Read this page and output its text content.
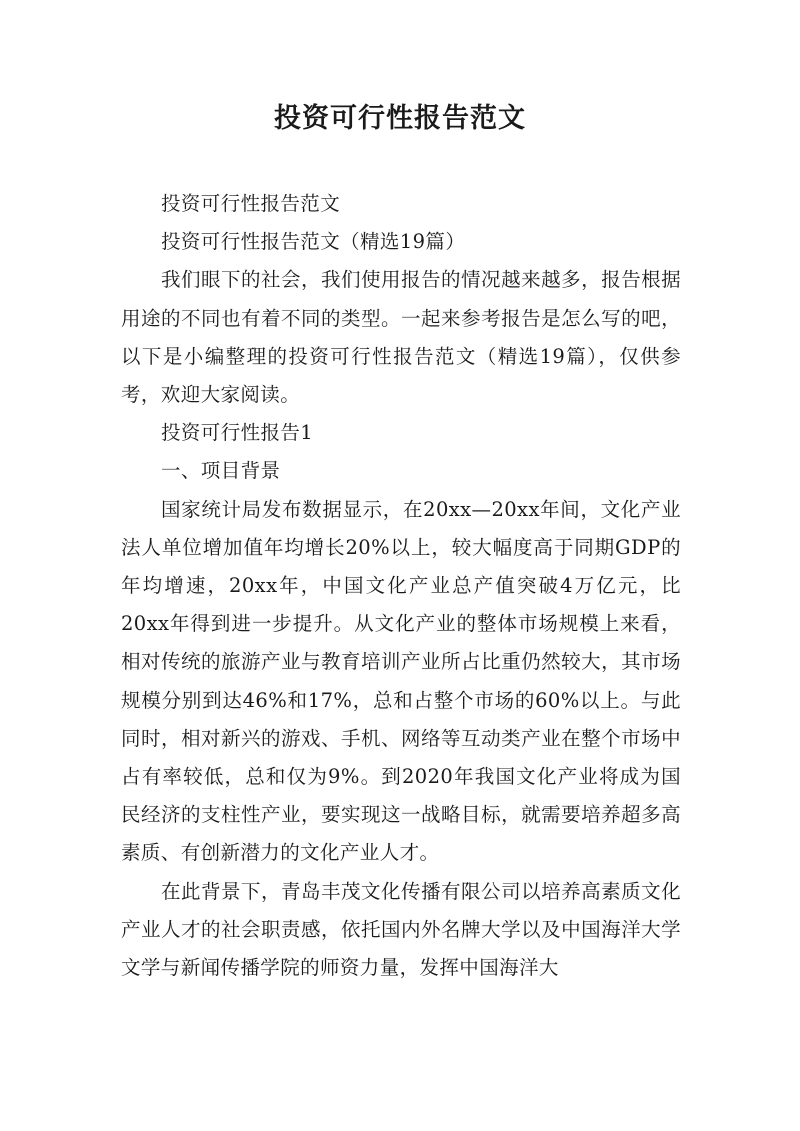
投资可行性报告范文

投资可行性报告范文

投资可行性报告范文（精选19篇）

我们眼下的社会，我们使用报告的情况越来越多，报告根据用途的不同也有着不同的类型。一起来参考报告是怎么写的吧，以下是小编整理的投资可行性报告范文（精选19篇），仅供参考，欢迎大家阅读。

投资可行性报告1

一、项目背景

国家统计局发布数据显示，在20xx—20xx年间，文化产业法人单位增加值年均增长20%以上，较大幅度高于同期GDP的年均增速，20xx年，中国文化产业总产值突破4万亿元，比20xx年得到进一步提升。从文化产业的整体市场规模上来看，相对传统的旅游产业与教育培训产业所占比重仍然较大，其市场规模分别到达46%和17%，总和占整个市场的60%以上。与此同时，相对新兴的游戏、手机、网络等互动类产业在整个市场中占有率较低，总和仅为9%。到2020年我国文化产业将成为国民经济的支柱性产业，要实现这一战略目标，就需要培养超多高素质、有创新潜力的文化产业人才。

在此背景下，青岛丰茂文化传播有限公司以培养高素质文化产业人才的社会职责感，依托国内外名牌大学以及中国海洋大学文学与新闻传播学院的师资力量，发挥中国海洋大
